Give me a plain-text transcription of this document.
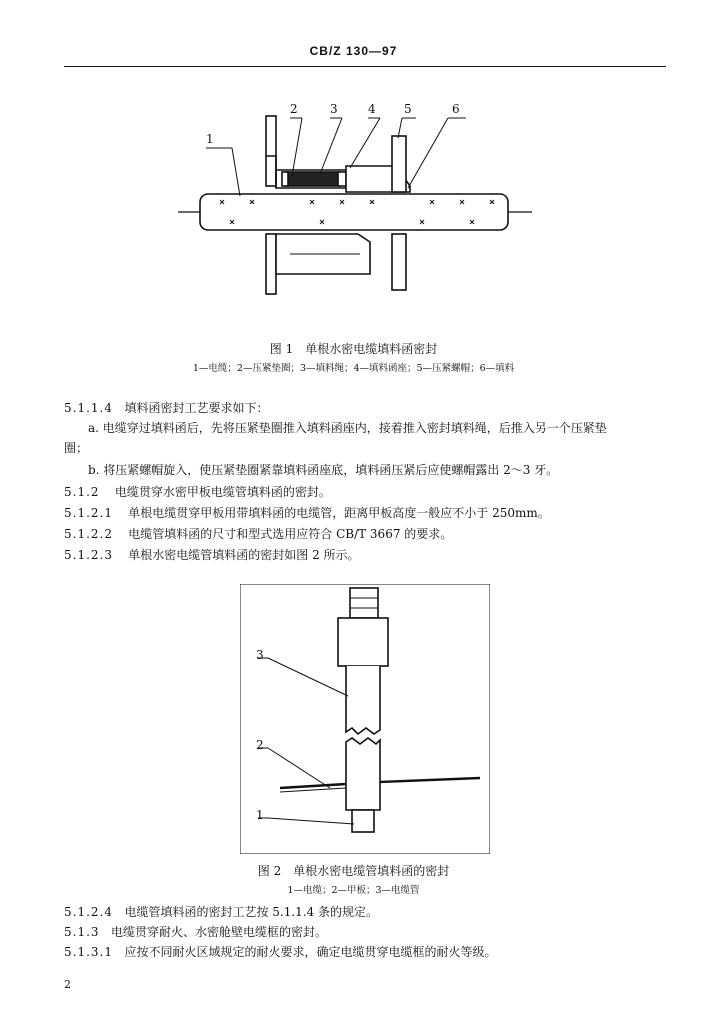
CB/Z 130—97
1
2	3	4 5	6
图 1　单根水密电缆填料函密封
1—电缆；2—压紧垫圈；3—填料绳；4—填料函座；5—压紧螺帽；6—填料
5.1.1.4 填料函密封工艺要求如下：
a. 电缆穿过填料函后，先将压紧垫圈推入填料函座内，接着推入密封填料绳，后推入另一个压紧垫
圈；
b. 将压紧螺帽旋入，使压紧垫圈紧靠填料函座底，填料函压紧后应使螺帽露出 2～3 牙。
5.1.2 电缆贯穿水密甲板电缆管填料函的密封。
5.1.2.1 单根电缆贯穿甲板用带填料函的电缆管，距离甲板高度一般应不小于 250mm。
5.1.2.2 电缆管填料函的尺寸和型式选用应符合 CB/T 3667 的要求。
5.1.2.3 单根水密电缆管填料函的密封如图 2 所示。
3
2
1
图 2　单根水密电缆管填料函的密封
1—电缆；2—甲板；3—电缆管
5.1.2.4 电缆管填料函的密封工艺按 5.1.1.4 条的规定。
5.1.3 电缆贯穿耐火、水密舱壁电缆框的密封。
5.1.3.1 应按不同耐火区域规定的耐火要求，确定电缆贯穿电缆框的耐火等级。
2
